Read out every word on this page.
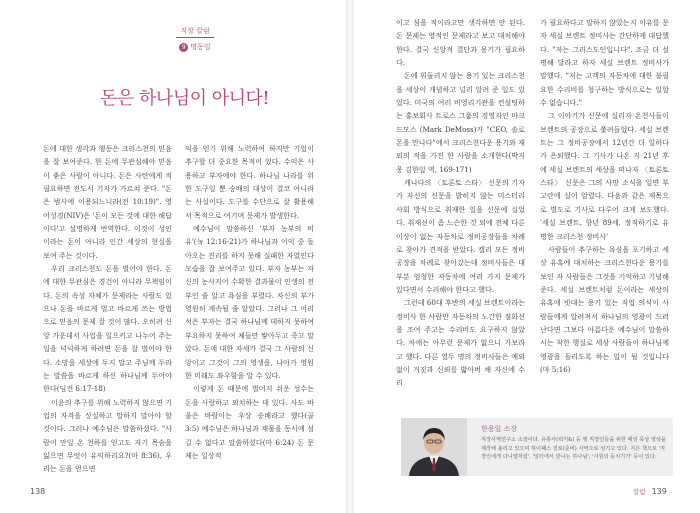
직장 칼럼
9 명동일
돈은 하나님이 아니다!

돈에 대한 생각과 행동은 크리스천의 믿음을 잘 보여준다. 한 돈에 무관심해야 믿음이 좋은 사람이 아니다. 돈은 사탄에게 적 필요하면 전도서 기자가 가르쳐 준다. "돈은 범사에 이용되느니라(전 10:19)". 영어성경(NIV)은 '돈이 모든 것에 대한 해답이다'고 설명하게 번역한다. 이것이 성인이라는 돈이 아니라 인간 세상의 현실을 보여 주는 것이다.

우리 크리스천도 돈을 벌어야 한다. 돈에 대한 무관심은 경건이 아니라 무책임이다. 돈의 속성 자체가 문제라는 사람도 있으나 돈을 바르게 벌고 바르게 쓰는 방법으로 믿음의 문제 잘 것이 많다. 오히려 신앙 가운데서 사업을 일으키고 나누어 주는 일을 넉넉하게 하려면 돈을 잘 벌어야 한다. 소망을 세상에 두지 말고 주님께 두라는 말씀을 바르게 하신 하나님께 두어야 한다(딤전 6:17-18)

이윤의 추구를 위해 노력하지 않으면 기업의 자격을 상실하고 말하지 말아야 할 것이다. 그러나 예수님은 말씀하셨다. "사람이 만일 온 천하를 얻고도 자기 목숨을 잃으면 무엇이 유익하리요?(마 8:36), 우리는 돈을 얻으면

익을 얻기 위해 노력하여 하지만 기업이 추구할 더 중요한 목적이 있다. 수익은 사용하고 부자에야 한다. 하나님 나라를 위한 도구일 뿐 숭배의 대상이 결코 아니라는 사실이다. 도구를 수단으로 잘 활용해서 목적으로 여기며 문제가 발생한다.

예수님이 말씀하신 '부자 농부의 비유'(눅 12:16-21)가 하나님과 이익 중 돌아오는 진리를 하지 못해 실패한 자였인다 모습을 잘 보여주고 있다. 부자 농부는 자신의 농사지어 수확한 결과물이 인생의 전부인 줄 알고 욕심을 부렸다. 자신의 부가 영원히 계속될 줄 알았다. 그러나 그 어리석은 부자는 결국 하나님께 데하지 못하여 부요하지 못하여 체들만 쌓아두고 죽고 말았다. 돈에 대한 자세가 결국 그 사람의 신앙이고 그것이 그의 영생을, 나아가 영원한 미래도 좌우함을 알 수 있다.

이렇게 돈 때문에 벌어지 쉬운 성수는 돈을 사랑하고 외치하는 데 있다. 사도 바울은 바람이는 우상 숭배라고 했다(골 3:5) 예수님은 하나님과 재물을 동시에 섬길 수 없다고 말씀하셨다(마 6:24) 돈 문제는 일상적

이고 심을 적이라고만 생각하면 안 된다. 돈 문제는 영적인 문제라고 보고 대처해야 한다. 결국 신앙적 결단과 용기가 필요하다.

돈에 휘둘리지 않는 용기 있는 크리스천을 세상이 개념하고 널리 알려 준 일도 있었다. 미국의 여러 비영리기관을 컨설팅하는 홍보회사 트로스 그룹의 경영자인 마크 드모스 (Mark DeMoss)가 "CEO, 솔로몬을 만나다"에서 크리스천다운 용기와 재외의 적을 가진 한 사람을 소개한다(박지웅 김한일 역, 169-171)

캐나다의 〈토론토 스타〉 신문의 기자가 자신의 신문을 밝히지 않는 미스터리 사회 방식으로 취재한 일을 신문에 실었다. 취재선이 좀 느슨한 것 외에 전체 다른 이상이 없는 자동차로 정비공장들을 차례로 찾아가 견적을 받았다. 캘리 모든 정비공장을 차례로 찾아갔는데 정비사들은 대부분 엄청한 자동차에 여러 가지 문제가 있다면서 수리해야 한다고 했다.

그런데 60대 후반의 세실 브렌트이라는 정비사 한 사람만 자동차의 노간한 점화선을 조여 주고는 수리비도 요구하지 않았다. 차에는 아무런 문제가 없으니 가보라고 했다. 다른 열두 명의 정비사들은 예외없이 거짓과 신뢰를 밟아버 채 자신에 수리

가 필요하다고 말하지 않았는지 이유를 문자 세실 브렌트 정비사는 간단하게 대답했다. "저는 그리스도인입니다". 조금 더 설명해 달라고 하자 세실 브렌트 정비사가 말했다. "저는 고객의 자동차에 대한 불필요한 수리비를 청구하는 방식으로는 일할 수 없습니다."

그 이야기가 신문에 실리자 온천사들이 브렌트의 공장으로 쫓려들었다. 세실 브렌트는 그 정비공장에서 12년간 더 일하다가 은퇴했다. 그 기사가 나온 지 21년 후에 세실 브렌트의 세상을 떠나자 〈토론토 스타〉 신문은 그의 사망 소식을 일면 부고란에 실어 알렸다. 다음과 같은 제목으로 별도로 기사로 다루어 크게 보도했다. '세실 브렌트, 향년 89세. 정직하기로 유명한 크리스천 정비사'

사람들이 추구하는 욕심을 포기하고 세상 유혹에 대처하는 크리스천다운 용기를 보인 자 사람들은 그것을 기억하고 기념해 준다. 세실 브렌트처럼 돈이라는 세상의 유혹에 빗대는 용기 있는 직업 의식이 사람들에게 알려져서 하나님의 영광이 드러난다면 그보다 아름다운 예수님이 말씀하시는 착한 행실로 세상 사람들이 하나님께 영광을 돌리도록 하는 일이 될 것입니다(마 5:16)

한용일 소장
직장사역연구소 소장이다. 유통사(럭키&) 등 행 직장인들을 위한 매일 묵상 영상을 제작해 올리고 있으며 하이패스 진로(준비) 사역으로 섬기고 있다. 지은 책으로 '직장인에게 다니엘처럼', '일터에서 만나는 하나님', '사원의 동치기기' 등이 있다.
138	칼럼 139
